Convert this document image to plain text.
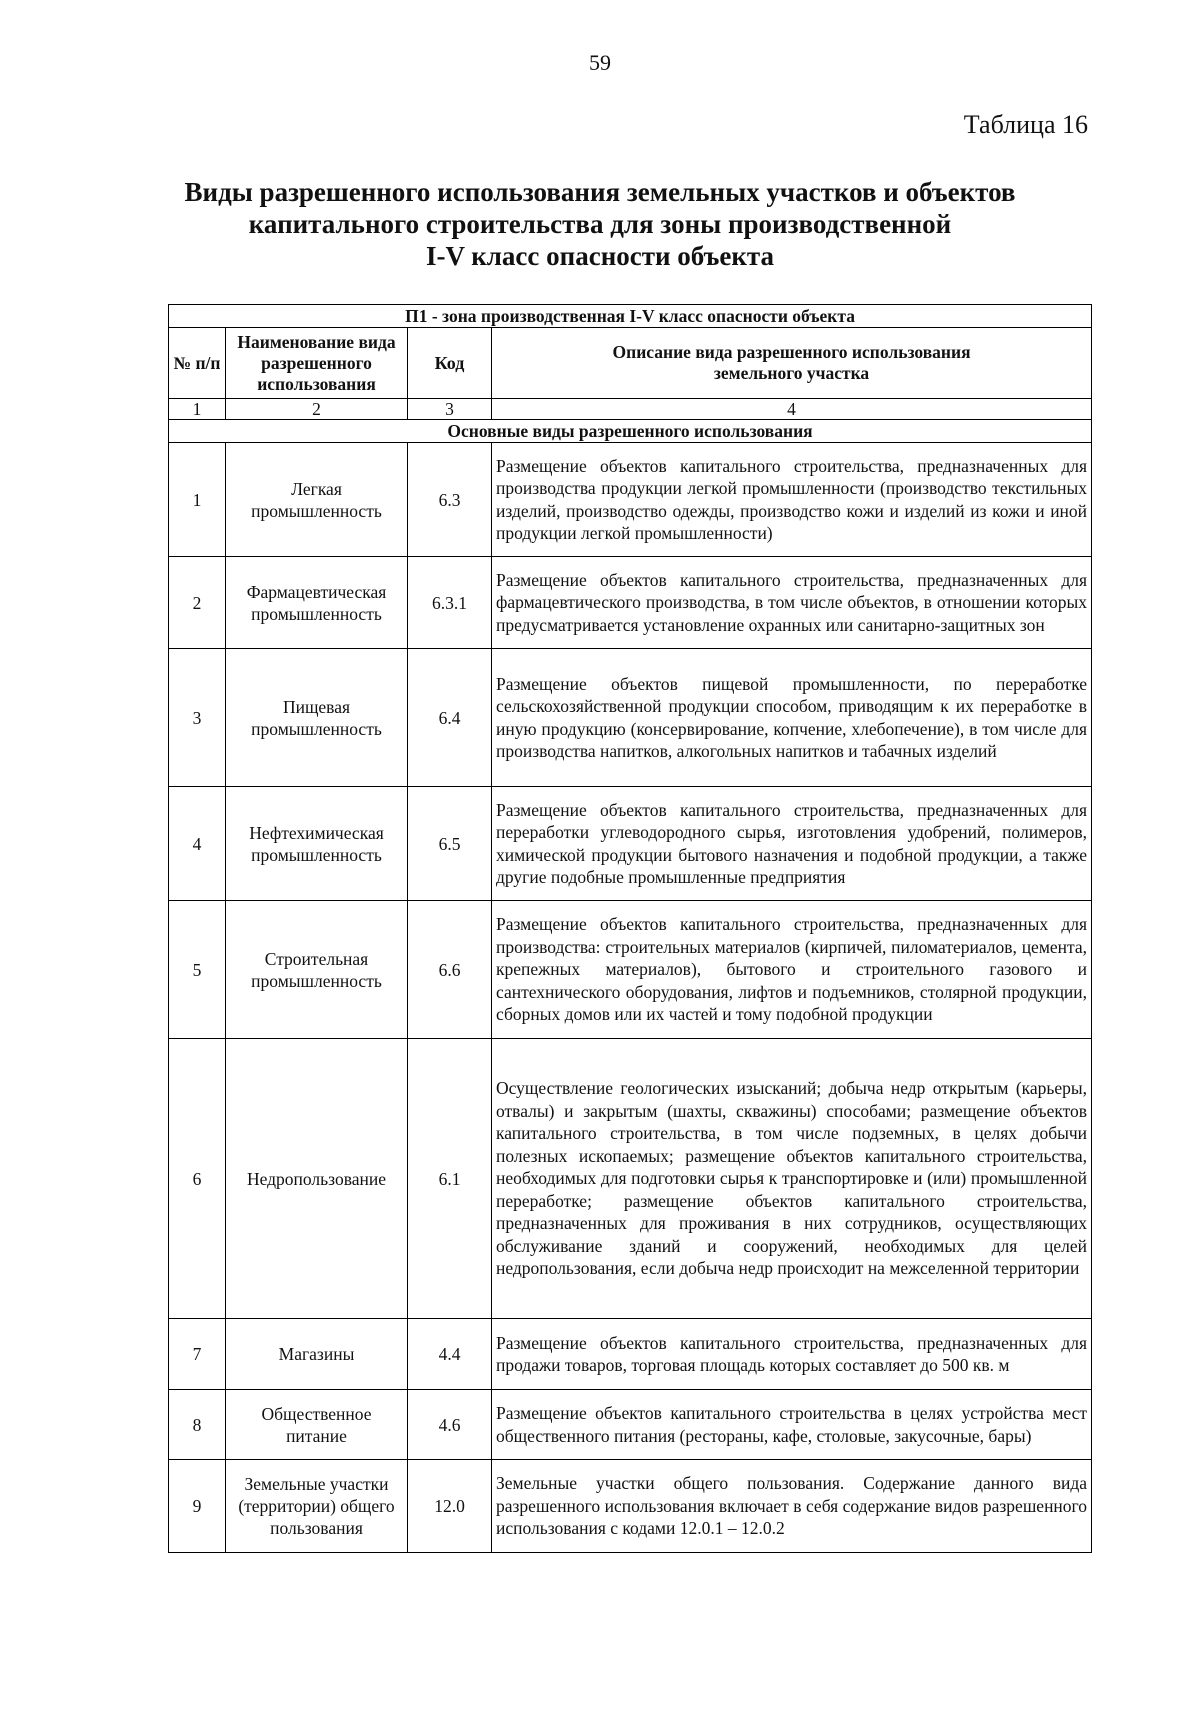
59
Таблица 16
Виды разрешенного использования земельных участков и объектов
капитального строительства для зоны производственной
I-V класс опасности объекта
П1 - зона производственная I-V класс опасности объекта			
№ п/п	Наименование вида разрешенного использования	Код	Описание вида разрешенного использования земельного участка
1	2	3	4
Основные виды разрешенного использования			
1	Легкая промышленность	6.3	Размещение объектов капитального строительства, предназначенных для производства продукции легкой промышленности (производство текстильных изделий, производство одежды, производство кожи и изделий из кожи и иной продукции легкой промышленности)
2	Фармацевтическая промышленность	6.3.1	Размещение объектов капитального строительства, предназначенных для фармацевтического производства, в том числе объектов, в отношении которых предусматривается установление охранных или санитарно-защитных зон
3	Пищевая промышленность	6.4	Размещение объектов пищевой промышленности, по переработке сельскохозяйственной продукции способом, приводящим к их переработке в иную продукцию (консервирование, копчение, хлебопечение), в том числе для производства напитков, алкогольных напитков и табачных изделий
4	Нефтехимическая промышленность	6.5	Размещение объектов капитального строительства, предназначенных для переработки углеводородного сырья, изготовления удобрений, полимеров, химической продукции бытового назначения и подобной продукции, а также другие подобные промышленные предприятия
5	Строительная промышленность	6.6	Размещение объектов капитального строительства, предназначенных для производства: строительных материалов (кирпичей, пиломатериалов, цемента, крепежных материалов), бытового и строительного газового и сантехнического оборудования, лифтов и подъемников, столярной продукции, сборных домов или их частей и тому подобной продукции
6	Недропользование	6.1	Осуществление геологических изысканий; добыча недр открытым (карьеры, отвалы) и закрытым (шахты, скважины) способами; размещение объектов капитального строительства, в том числе подземных, в целях добычи полезных ископаемых; размещение объектов капитального строительства, необходимых для подготовки сырья к транспортировке и (или) промышленной переработке; размещение объектов капитального строительства, предназначенных для проживания в них сотрудников, осуществляющих обслуживание зданий и сооружений, необходимых для целей недропользования, если добыча недр происходит на межселенной территории
7	Магазины	4.4	Размещение объектов капитального строительства, предназначенных для продажи товаров, торговая площадь которых составляет до 500 кв. м
8	Общественное питание	4.6	Размещение объектов капитального строительства в целях устройства мест общественного питания (рестораны, кафе, столовые, закусочные, бары)
9	Земельные участки (территории) общего пользования	12.0	Земельные участки общего пользования. Содержание данного вида разрешенного использования включает в себя содержание видов разрешенного использования с кодами 12.0.1 – 12.0.2
